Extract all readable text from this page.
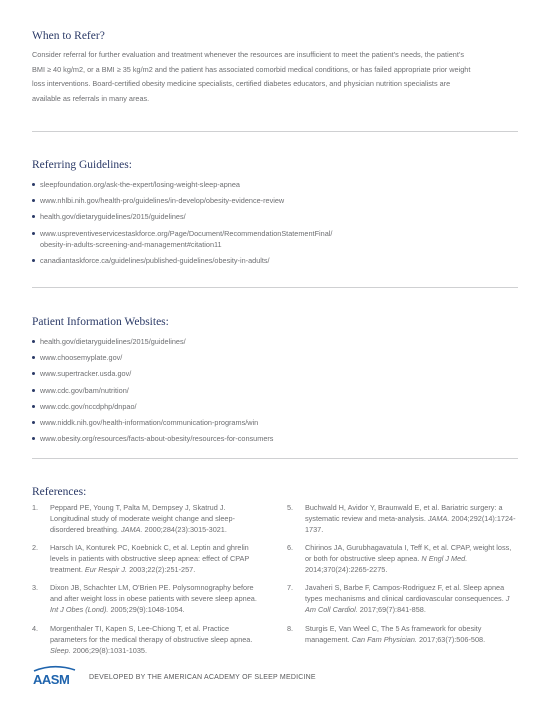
When to Refer?
Consider referral for further evaluation and treatment whenever the resources are insufficient to meet the patient’s needs, the patient’s
BMI ≥ 40 kg/m2, or a BMI ≥ 35 kg/m2 and the patient has associated comorbid medical conditions, or has failed appropriate prior weight
loss interventions. Board-certified obesity medicine specialists, certified diabetes educators, and physician nutrition specialists are
available as referrals in many areas.
Referring Guidelines:
sleepfoundation.org/ask-the-expert/losing-weight-sleep-apnea
www.nhlbi.nih.gov/health-pro/guidelines/in-develop/obesity-evidence-review
health.gov/dietaryguidelines/2015/guidelines/
www.uspreventiveservicestaskforce.org/Page/Document/RecommendationStatementFinal/
obesity-in-adults-screening-and-management#citation11
canadiantaskforce.ca/guidelines/published-guidelines/obesity-in-adults/
Patient Information Websites:
health.gov/dietaryguidelines/2015/guidelines/
www.choosemyplate.gov/
www.supertracker.usda.gov/
www.cdc.gov/bam/nutrition/
www.cdc.gov/nccdphp/dnpao/
www.niddk.nih.gov/health-information/communication-programs/win
www.obesity.org/resources/facts-about-obesity/resources-for-consumers
References:
1. Peppard PE, Young T, Palta M, Dempsey J, Skatrud J. Longitudinal study of moderate weight change and sleep-disordered breathing. JAMA. 2000;284(23):3015-3021.
2. Harsch IA, Konturek PC, Koebnick C, et al. Leptin and ghrelin levels in patients with obstructive sleep apnea: effect of CPAP treatment. Eur Respir J. 2003;22(2):251-257.
3. Dixon JB, Schachter LM, O’Brien PE. Polysomnography before and after weight loss in obese patients with severe sleep apnea. Int J Obes (Lond). 2005;29(9):1048-1054.
4. Morgenthaler TI, Kapen S, Lee-Chiong T, et al. Practice parameters for the medical therapy of obstructive sleep apnea. Sleep. 2006;29(8):1031-1035.
5. Buchwald H, Avidor Y, Braunwald E, et al. Bariatric surgery: a systematic review and meta-analysis. JAMA. 2004;292(14):1724-1737.
6. Chirinos JA, Gurubhagavatula I, Teff K, et al. CPAP, weight loss, or both for obstructive sleep apnea. N Engl J Med. 2014;370(24):2265-2275.
7. Javaheri S, Barbe F, Campos-Rodriguez F, et al. Sleep apnea types mechanisms and clinical cardiovascular consequences. J Am Coll Cardiol. 2017;69(7):841-858.
8. Sturgis E, Van Weel C, The 5 As framework for obesity management. Can Fam Physician. 2017;63(7):506-508.
AASM	DEVELOPED BY THE AMERICAN ACADEMY OF SLEEP MEDICINE
